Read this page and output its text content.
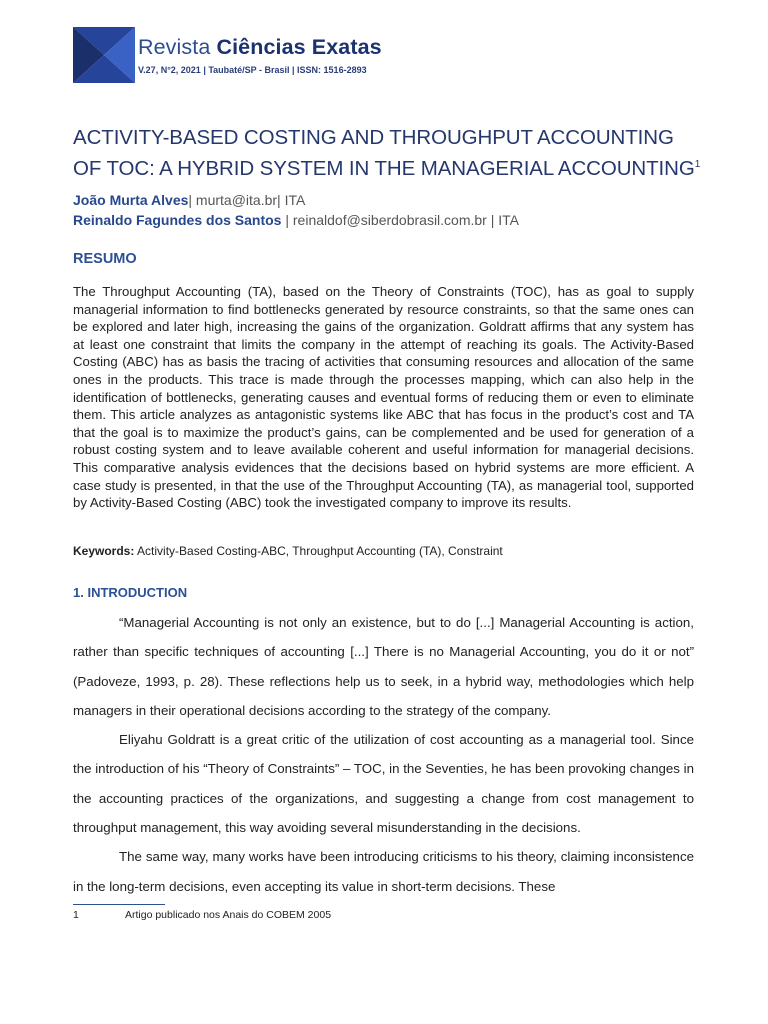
Revista Ciências Exatas
V.27, N°2, 2021 | Taubaté/SP - Brasil | ISSN: 1516-2893
ACTIVITY-BASED COSTING AND THROUGHPUT ACCOUNTING OF TOC: A HYBRID SYSTEM IN THE MANAGERIAL ACCOUNTING$^1$
João Murta Alves| murta@ita.br| ITA
Reinaldo Fagundes dos Santos | reinaldof@siberdobrasil.com.br | ITA
RESUMO

The Throughput Accounting (TA), based on the Theory of Constraints (TOC), has as goal to supply managerial information to find bottlenecks generated by resource constraints, so that the same ones can be explored and later high, increasing the gains of the organization. Goldratt affirms that any system has at least one constraint that limits the company in the attempt of reaching its goals. The Activity-Based Costing (ABC) has as basis the tracing of activities that consuming resources and allocation of the same ones in the products. This trace is made through the processes mapping, which can also help in the identification of bottlenecks, generating causes and eventual forms of reducing them or even to eliminate them. This article analyzes as antagonistic systems like ABC that has focus in the product’s cost and TA that the goal is to maximize the product’s gains, can be complemented and be used for generation of a robust costing system and to leave available coherent and useful information for managerial decisions. This comparative analysis evidences that the decisions based on hybrid systems are more efficient. A case study is presented, in that the use of the Throughput Accounting (TA), as managerial tool, supported by Activity-Based Costing (ABC) took the investigated company to improve its results.

Keywords: Activity-Based Costing-ABC, Throughput Accounting (TA), Constraint

1. INTRODUCTION

“Managerial Accounting is not only an existence, but to do [...] Managerial Accounting is action, rather than specific techniques of accounting [...] There is no Managerial Accounting, you do it or not” (Padoveze, 1993, p. 28). These reflections help us to seek, in a hybrid way, methodologies which help managers in their operational decisions according to the strategy of the company.

Eliyahu Goldratt is a great critic of the utilization of cost accounting as a managerial tool. Since the introduction of his “Theory of Constraints” – TOC, in the Seventies, he has been provoking changes in the accounting practices of the organizations, and suggesting a change from cost management to throughput management, this way avoiding several misunderstanding in the decisions.

The same way, many works have been introducing criticisms to his theory, claiming inconsistence in the long-term decisions, even accepting its value in short-term decisions. These

1	Artigo publicado nos Anais do COBEM 2005
